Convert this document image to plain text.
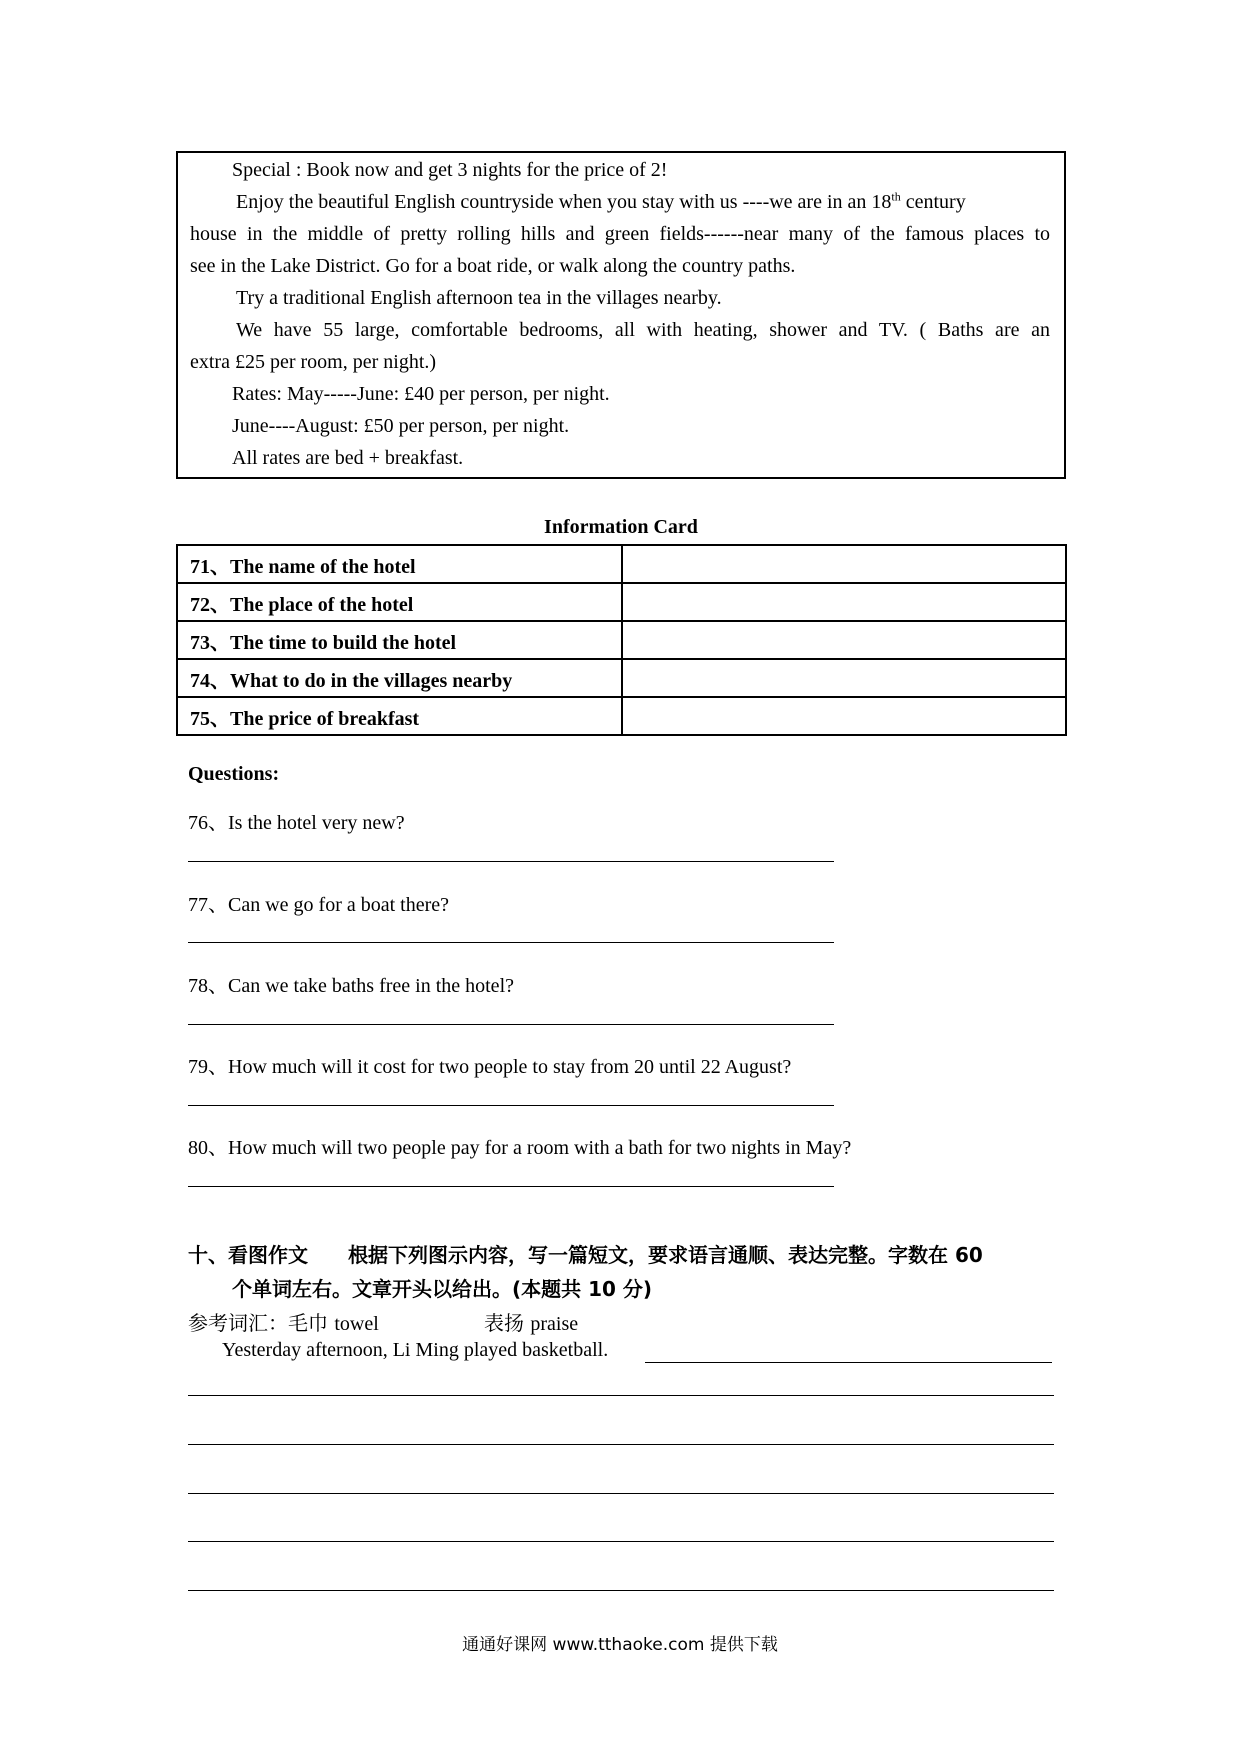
Special : Book now and get 3 nights for the price of 2!
Enjoy the beautiful English countryside when you stay with us ----we are in an 18th century
house in the middle of pretty rolling hills and green fields------near many of the famous places to
see in the Lake District. Go for a boat ride, or walk along the country paths.
Try a traditional English afternoon tea in the villages nearby.
We have 55 large, comfortable bedrooms, all with heating, shower and TV. ( Baths are an
extra £25 per room, per night.)
Rates: May-----June: £40 per person, per night.
June----August: £50 per person, per night.
All rates are bed + breakfast.
Information Card
71、The name of the hotel	
72、The place of the hotel	
73、The time to build the hotel	
74、What to do in the villages nearby	
75、The price of breakfast	
Questions:
76、Is the hotel very new?
77、Can we go for a boat there?
78、Can we take baths free in the hotel?
79、How much will it cost for two people to stay from 20 until 22 August?
80、How much will two people pay for a room with a bath for two nights in May?
十、看图作文 根据下列图示内容，写一篇短文，要求语言通顺、表达完整。字数在 60
个单词左右。文章开头以给出。(本题共 10 分)
参考词汇：毛巾 towel	表扬 praise
Yesterday afternoon, Li Ming played basketball.
通通好课网 www.tthaoke.com 提供下载
